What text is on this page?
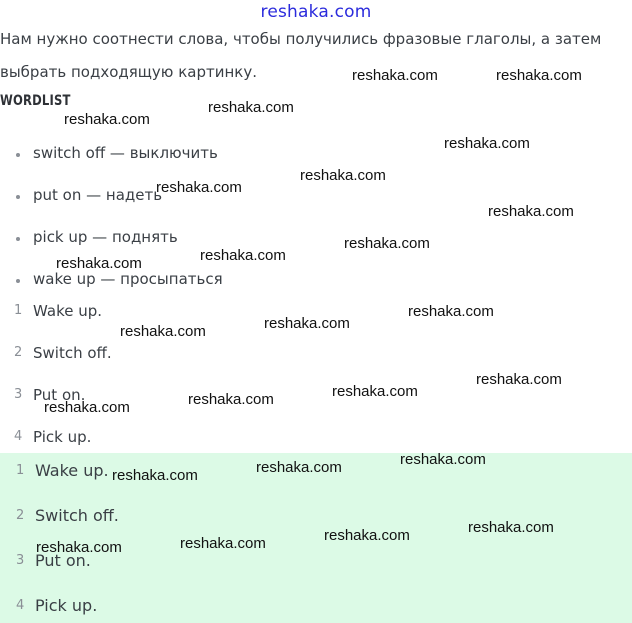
reshaka.com
Нам нужно соотнести слова, чтобы получились фразовые глаголы, а затем
выбрать подходящую картинку.
WORDLIST
switch off — выключить
put on — надеть
pick up — поднять
wake up — просыпаться
1 Wake up.
2 Switch off.
3 Put on.
4 Pick up.
1 Wake up.
2 Switch off.
3 Put on.
4 Pick up.
reshaka.com	reshaka.com
reshaka.com
reshaka.com
reshaka.com
reshaka.com
reshaka.com
reshaka.com
reshaka.com
reshaka.com
reshaka.com
reshaka.com
reshaka.com
reshaka.com
reshaka.com
reshaka.com
reshaka.com
reshaka.com
reshaka.com
reshaka.com
reshaka.com
reshaka.com
reshaka.com
reshaka.com
reshaka.com
